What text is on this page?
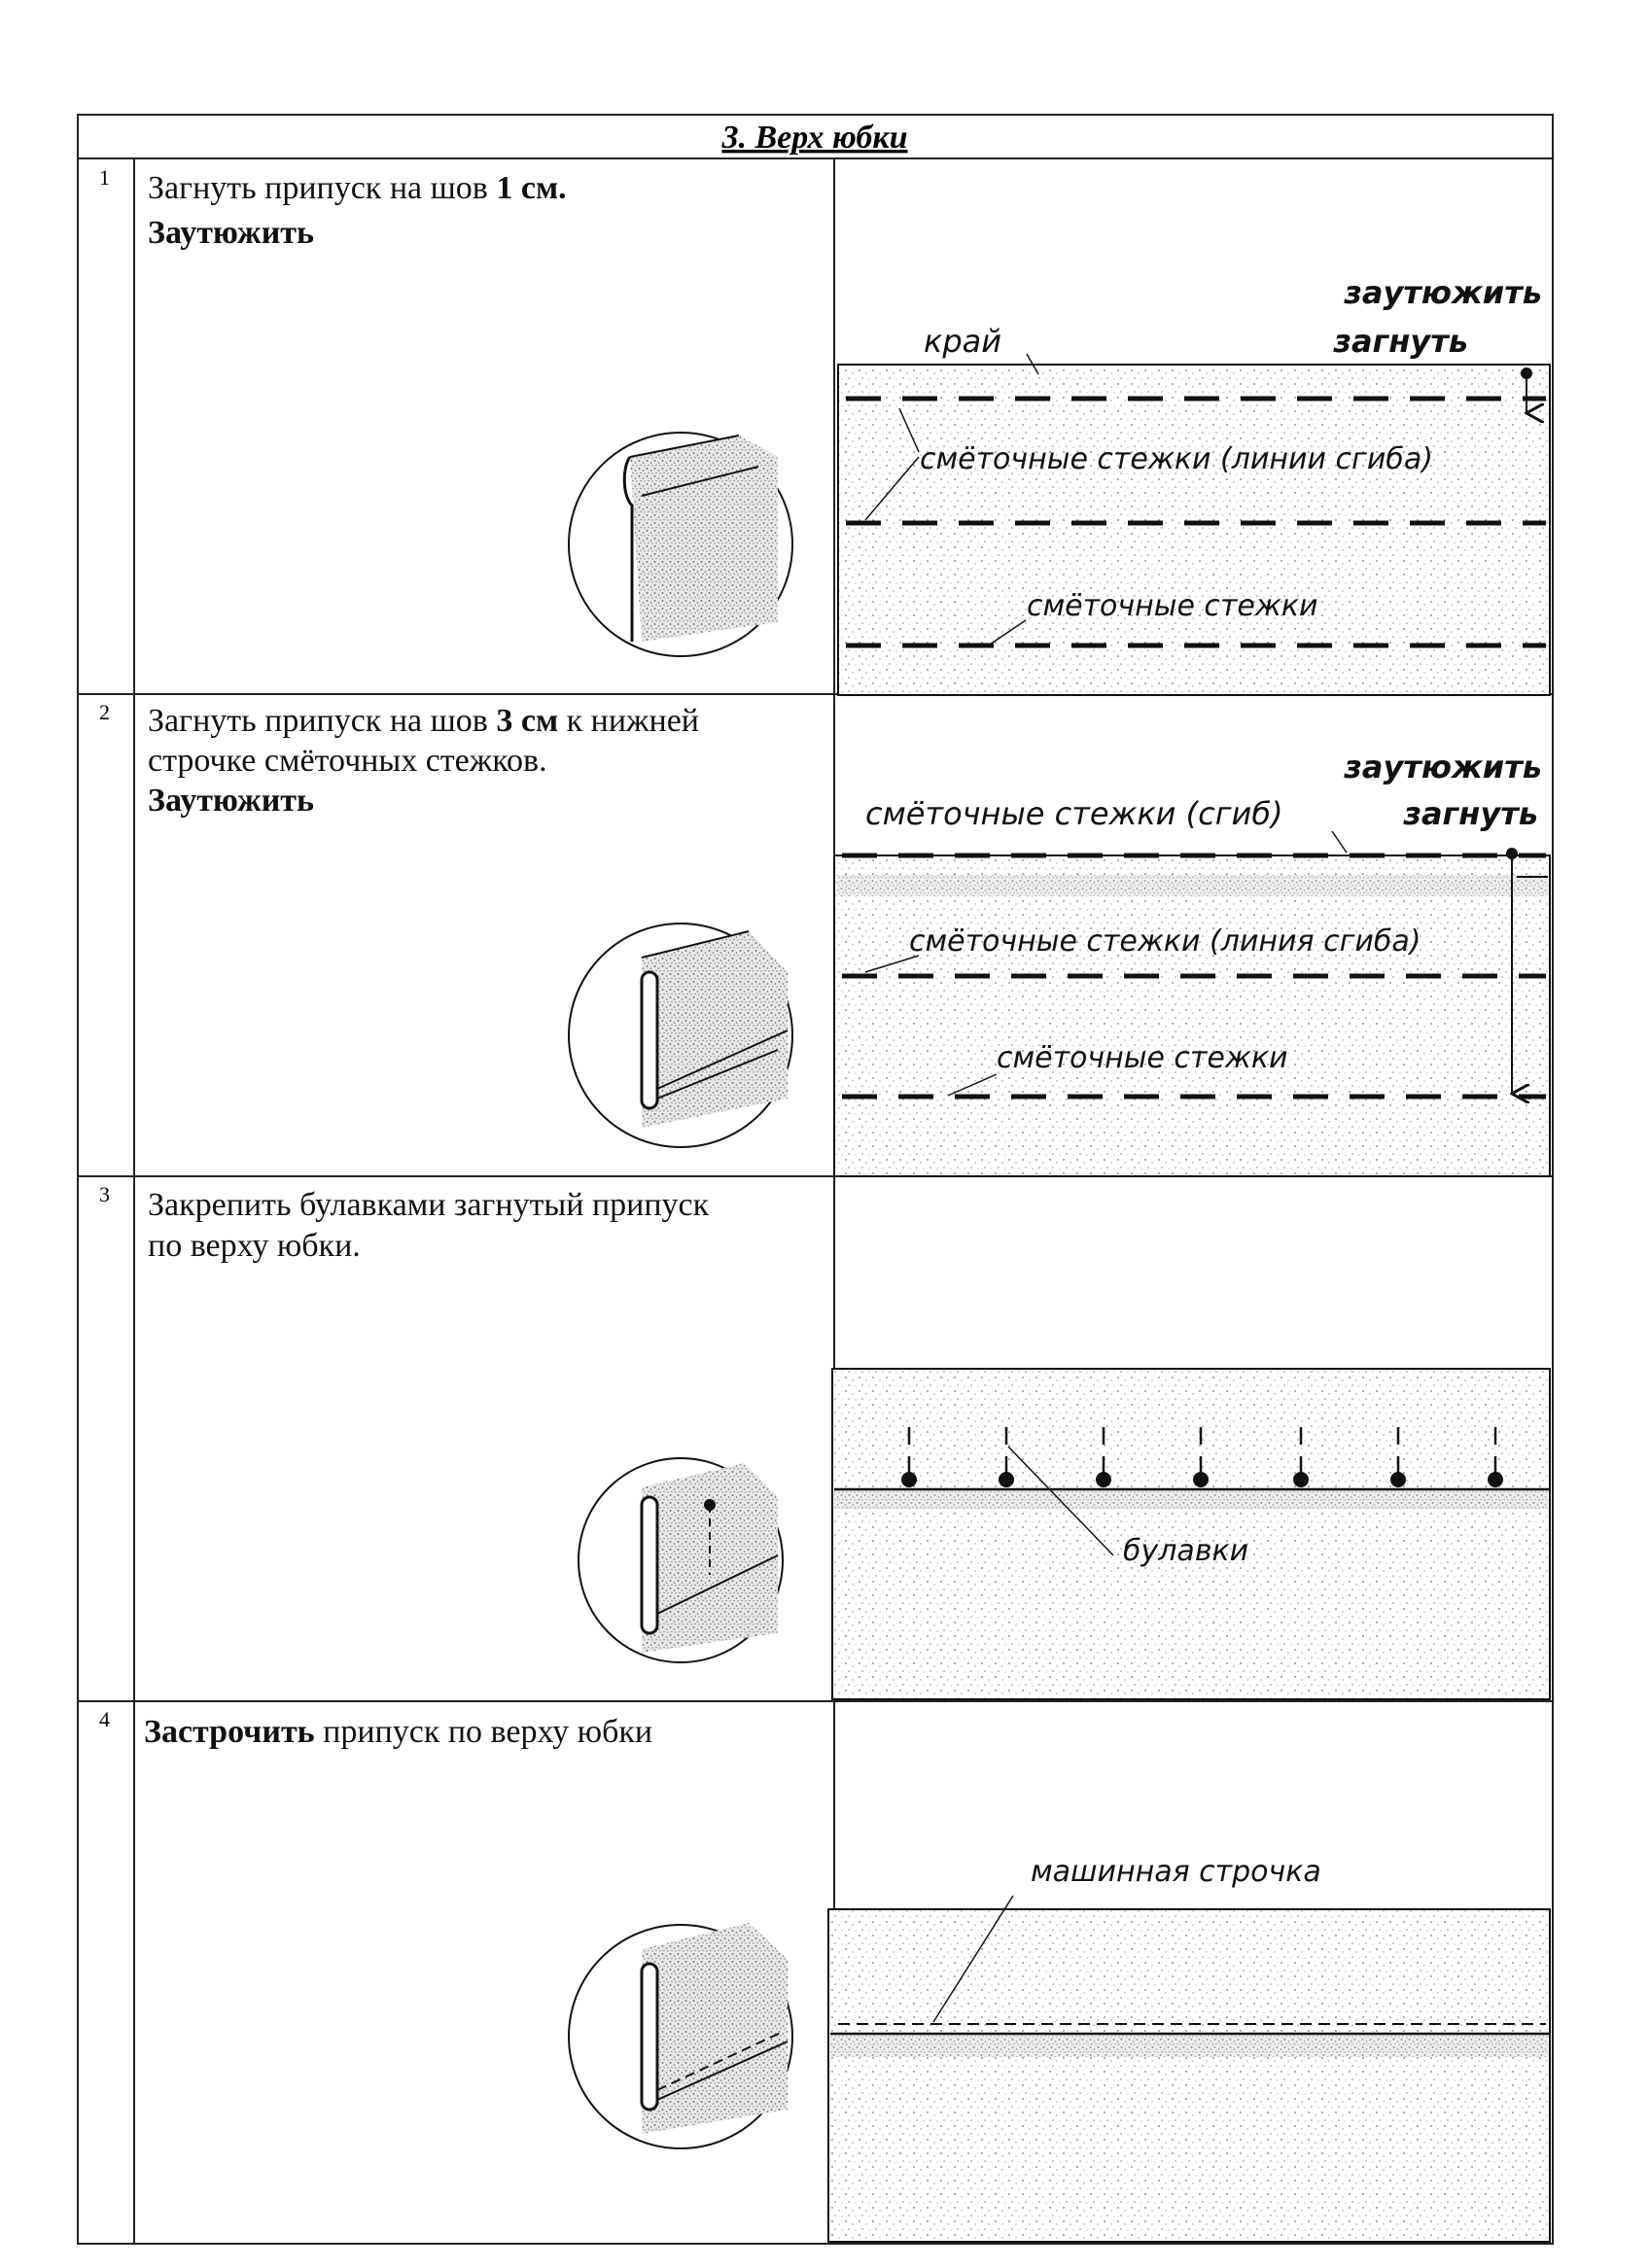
3. Верх юбки
1
2
3
4
Загнуть припуск на шов 1 см.
Заутюжить
Загнуть припуск на шов 3 см к нижней
Заутюжить
строчке смёточных стежков.
Закрепить булавками загнутый припуск
по верху юбки.
Застрочить припуск по верху юбки
заутюжить
загнуть
край
смёточные стежки (линии сгиба)
смёточные стежки
заутюжить
загнуть
смёточные стежки (сгиб)
смёточные стежки (линия сгиба)
смёточные стежки
булавки
машинная строчка
